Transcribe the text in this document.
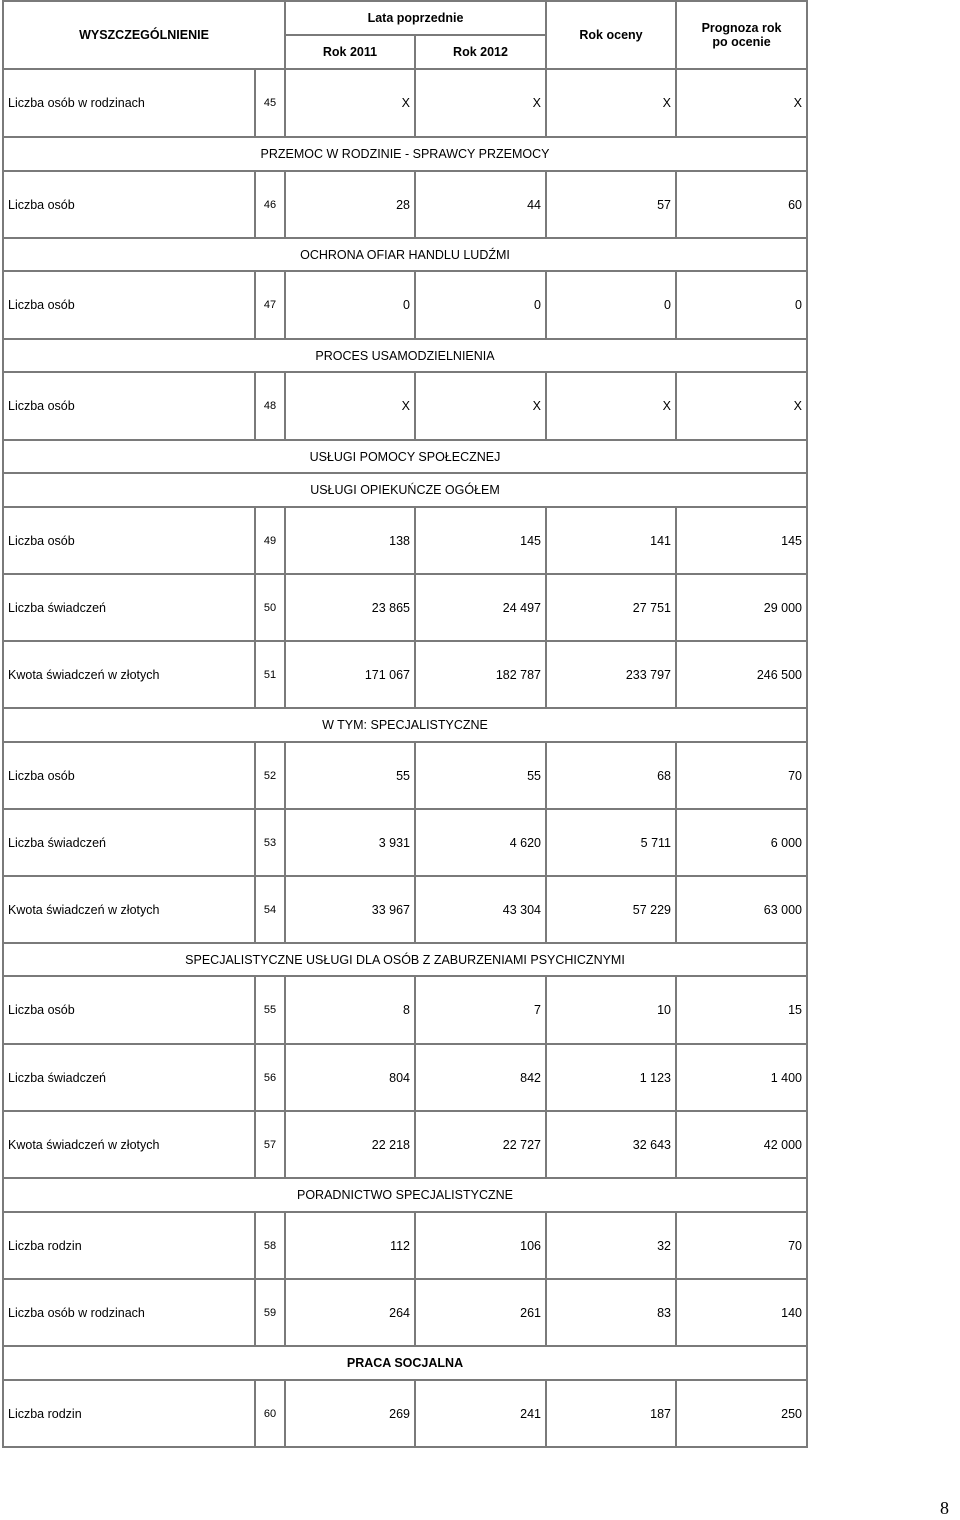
WYSZCZEGÓLNIENIE		Lata poprzednie		Rok oceny	Prognoza rok po ocenie
		Rok 2011	Rok 2012		
Liczba osób w rodzinach	45	X	X	X	X
PRZEMOC W RODZINIE - SPRAWCY PRZEMOCY					
Liczba osób	46	28	44	57	60
OCHRONA OFIAR HANDLU LUDŹMI					
Liczba osób	47	0	0	0	0
PROCES USAMODZIELNIENIA					
Liczba osób	48	X	X	X	X
USŁUGI POMOCY SPOŁECZNEJ					
USŁUGI OPIEKUŃCZE OGÓŁEM					
Liczba osób	49	138	145	141	145
Liczba świadczeń	50	23 865	24 497	27 751	29 000
Kwota świadczeń w złotych	51	171 067	182 787	233 797	246 500
W TYM: SPECJALISTYCZNE					
Liczba osób	52	55	55	68	70
Liczba świadczeń	53	3 931	4 620	5 711	6 000
Kwota świadczeń w złotych	54	33 967	43 304	57 229	63 000
SPECJALISTYCZNE USŁUGI DLA OSÓB Z ZABURZENIAMI PSYCHICZNYMI					
Liczba osób	55	8	7	10	15
Liczba świadczeń	56	804	842	1 123	1 400
Kwota świadczeń w złotych	57	22 218	22 727	32 643	42 000
PORADNICTWO SPECJALISTYCZNE					
Liczba rodzin	58	112	106	32	70
Liczba osób w rodzinach	59	264	261	83	140
PRACA SOCJALNA					
Liczba rodzin	60	269	241	187	250
8
